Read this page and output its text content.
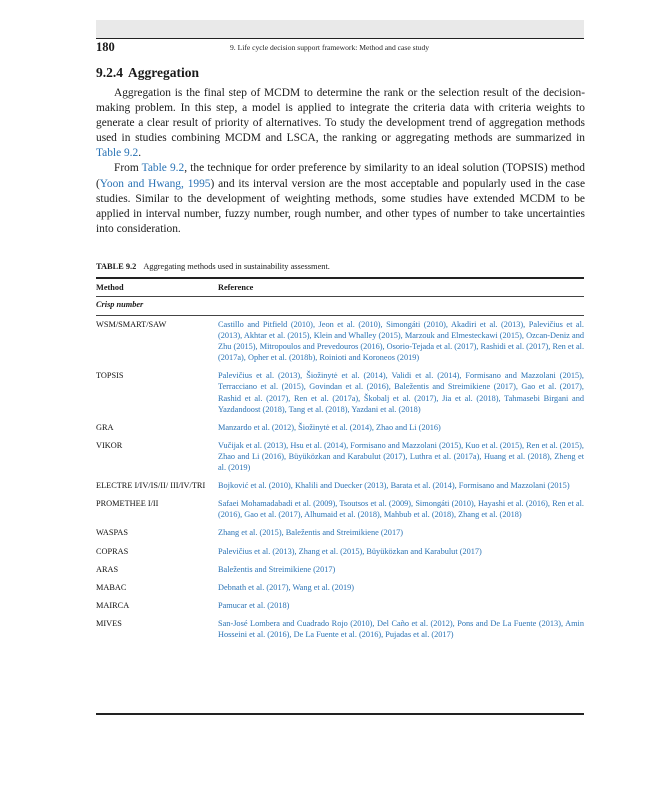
180	9. Life cycle decision support framework: Method and case study
9.2.4 Aggregation

Aggregation is the final step of MCDM to determine the rank or the selection result of the decision-making problem. In this step, a model is applied to integrate the criteria data with criteria weights to generate a clear result of priority of alternatives. To study the development trend of aggregation methods used in studies combining MCDM and LSCA, the ranking or aggregating methods are summarized in Table 9.2.

From Table 9.2, the technique for order preference by similarity to an ideal solution (TOPSIS) method (Yoon and Hwang, 1995) and its interval version are the most acceptable and popularly used in the case studies. Similar to the development of weighting methods, some studies have extended MCDM to be applied in interval number, fuzzy number, rough number, and other types of number to take uncertainties into consideration.

TABLE 9.2 Aggregating methods used in sustainability assessment.
Method	Reference
Crisp number
WSM/SMART/SAW	Castillo and Pitfield (2010), Jeon et al. (2010), Simongáti (2010), Akadiri et al. (2013), Palevičius et al. (2013), Akhtar et al. (2015), Klein and Whalley (2015), Marzouk and Elmesteckawi (2015), Ozcan-Deniz and Zhu (2015), Mitropoulos and Prevedouros (2016), Osorio-Tejada et al. (2017), Rashidi et al. (2017), Ren et al. (2017a), Opher et al. (2018b), Roinioti and Koroneos (2019)
TOPSIS	Palevičius et al. (2013), Šiožinytė et al. (2014), Validi et al. (2014), Formisano and Mazzolani (2015), Terracciano et al. (2015), Govindan et al. (2016), Baležentis and Streimikiene (2017), Gao et al. (2017), Rashid et al. (2017), Ren et al. (2017a), Škobalj et al. (2017), Jia et al. (2018), Tahmasebi Birgani and Yazdandoost (2018), Tang et al. (2018), Yazdani et al. (2018)
GRA	Manzardo et al. (2012), Šiožinytė et al. (2014), Zhao and Li (2016)
VIKOR	Vučijak et al. (2013), Hsu et al. (2014), Formisano and Mazzolani (2015), Kuo et al. (2015), Ren et al. (2015), Zhao and Li (2016), Büyüközkan and Karabulut (2017), Luthra et al. (2017a), Huang et al. (2018), Zheng et al. (2019)
ELECTRE I/IV/IS/II/ III/IV/TRI	Bojković et al. (2010), Khalili and Duecker (2013), Barata et al. (2014), Formisano and Mazzolani (2015)
PROMETHEE I/II	Safaei Mohamadabadi et al. (2009), Tsoutsos et al. (2009), Simongáti (2010), Hayashi et al. (2016), Ren et al. (2016), Gao et al. (2017), Alhumaid et al. (2018), Mahbub et al. (2018), Zhang et al. (2018)
WASPAS	Zhang et al. (2015), Baležentis and Streimikiene (2017)
COPRAS	Palevičius et al. (2013), Zhang et al. (2015), Büyüközkan and Karabulut (2017)
ARAS	Baležentis and Streimikiene (2017)
MABAC	Debnath et al. (2017), Wang et al. (2019)
MAIRCA	Pamucar et al. (2018)
MIVES	San-José Lombera and Cuadrado Rojo (2010), Del Caño et al. (2012), Pons and De La Fuente (2013), Amin Hosseini et al. (2016), De La Fuente et al. (2016), Pujadas et al. (2017)
